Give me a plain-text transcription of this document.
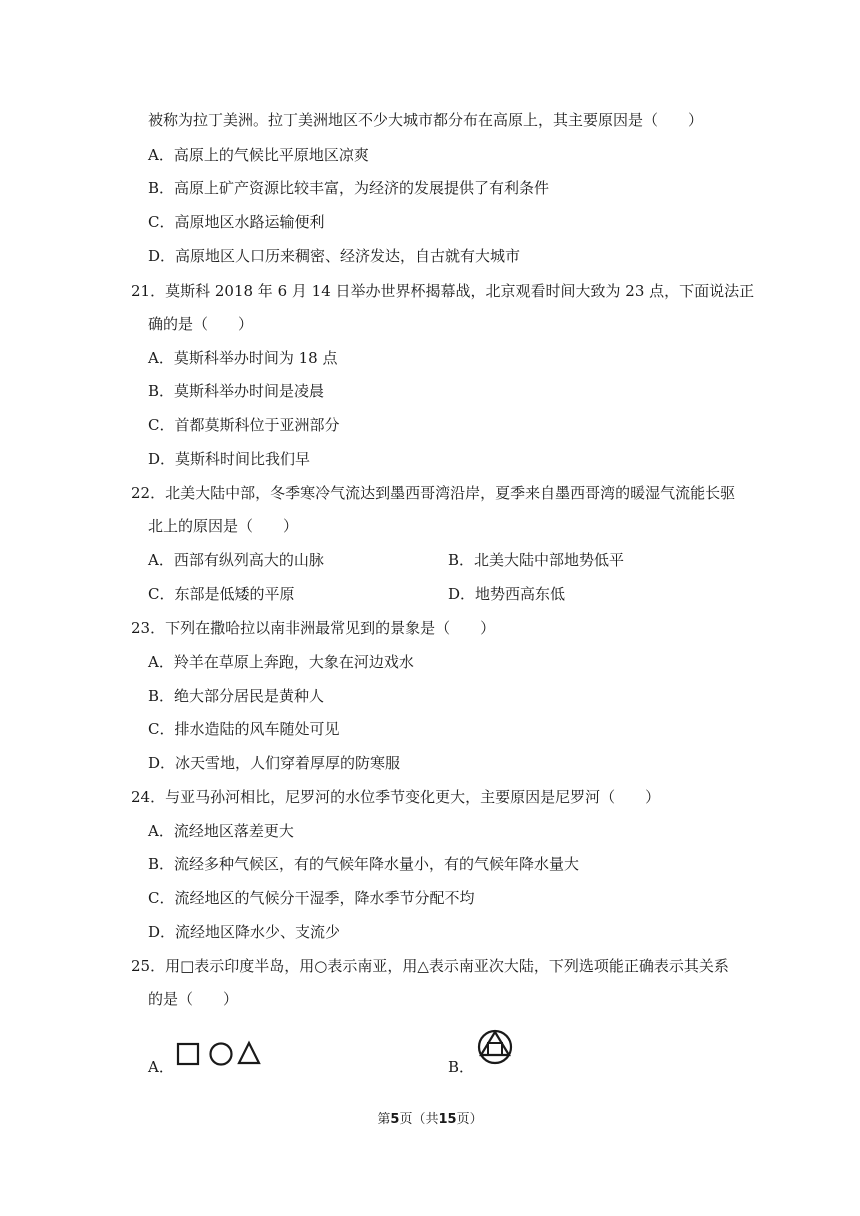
被称为拉丁美洲。拉丁美洲地区不少大城市都分布在高原上，其主要原因是（　　）
A．高原上的气候比平原地区凉爽
B．高原上矿产资源比较丰富，为经济的发展提供了有利条件
C．高原地区水路运输便利
D．高原地区人口历来稠密、经济发达，自古就有大城市
21．莫斯科 2018 年 6 月 14 日举办世界杯揭幕战，北京观看时间大致为 23 点，下面说法正
确的是（　　）
A．莫斯科举办时间为 18 点
B．莫斯科举办时间是凌晨
C．首都莫斯科位于亚洲部分
D．莫斯科时间比我们早
22．北美大陆中部，冬季寒冷气流达到墨西哥湾沿岸，夏季来自墨西哥湾的暖湿气流能长驱
北上的原因是（　　）
A．西部有纵列高大的山脉	B．北美大陆中部地势低平
C．东部是低矮的平原	D．地势西高东低
23．下列在撒哈拉以南非洲最常见到的景象是（　　）
A．羚羊在草原上奔跑，大象在河边戏水
B．绝大部分居民是黄种人
C．排水造陆的风车随处可见
D．冰天雪地，人们穿着厚厚的防寒服
24．与亚马孙河相比，尼罗河的水位季节变化更大，主要原因是尼罗河（　　）
A．流经地区落差更大
B．流经多种气候区，有的气候年降水量小，有的气候年降水量大
C．流经地区的气候分干湿季，降水季节分配不均
D．流经地区降水少、支流少
25．用□表示印度半岛，用○表示南亚，用△表示南亚次大陆，下列选项能正确表示其关系
的是（　　）
A．	B．
第5页（共15页）
